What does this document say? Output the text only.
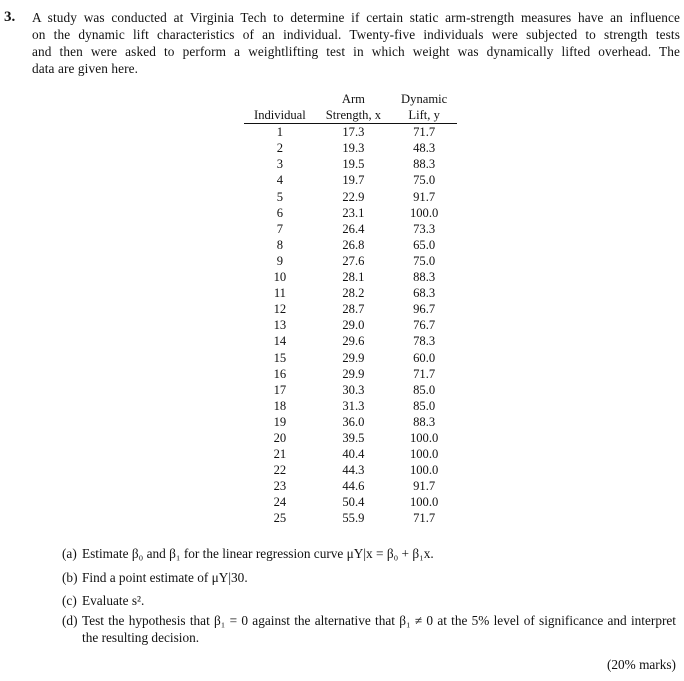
3. A study was conducted at Virginia Tech to determine if certain static arm-strength measures have an influence
on the dynamic lift characteristics of an individual. Twenty-five individuals were subjected to strength tests
and then were asked to perform a weightlifting test in which weight was dynamically lifted overhead. The
data are given here.
	Arm	Dynamic
Individual	Strength, x	Lift, y
1	17.3	71.7
2	19.3	48.3
3	19.5	88.3
4	19.7	75.0
5	22.9	91.7
6	23.1	100.0
7	26.4	73.3
8	26.8	65.0
9	27.6	75.0
10	28.1	88.3
11	28.2	68.3
12	28.7	96.7
13	29.0	76.7
14	29.6	78.3
15	29.9	60.0
16	29.9	71.7
17	30.3	85.0
18	31.3	85.0
19	36.0	88.3
20	39.5	100.0
21	40.4	100.0
22	44.3	100.0
23	44.6	91.7
24	50.4	100.0
25	55.9	71.7
(a) Estimate β₀ and β₁ for the linear regression curve μY|x = β₀ + β₁x.
(b) Find a point estimate of μY|30.
(c) Evaluate s².
(d) Test the hypothesis that β₁ = 0 against the alternative that β₁ ≠ 0 at the 5% level of significance and interpret the resulting decision.
(20% marks)
